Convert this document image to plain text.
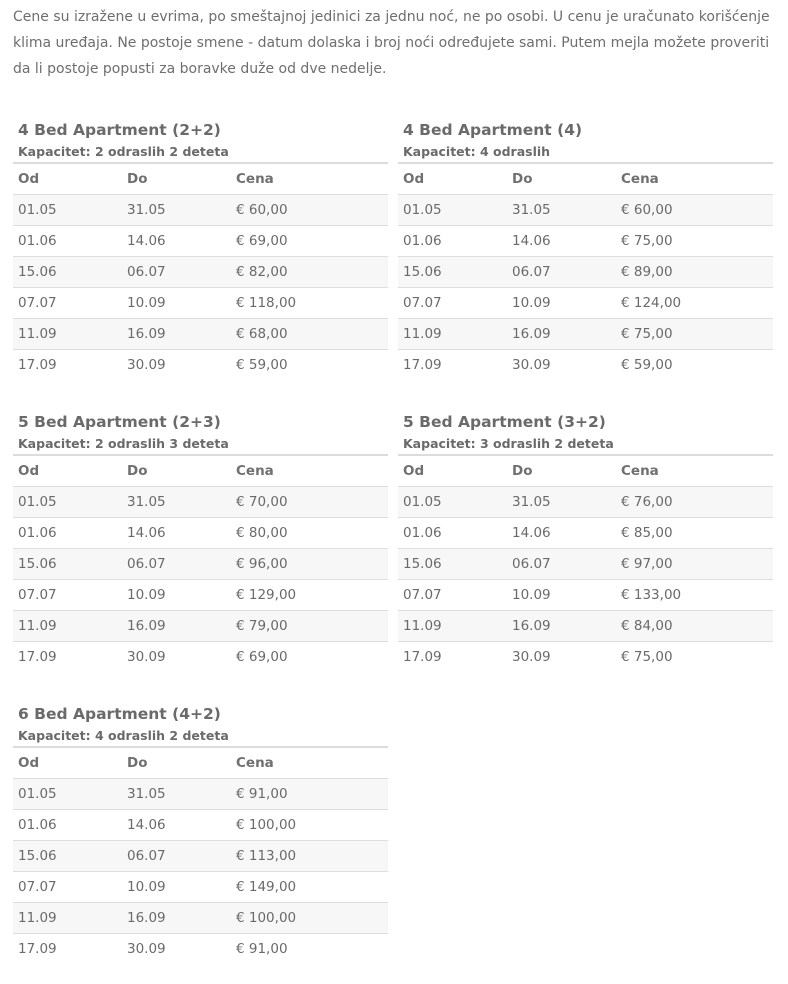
Cene su izražene u evrima, po smeštajnoj jedinici za jednu noć, ne po osobi. U cenu je uračunato korišćenje klima uređaja. Ne postoje smene - datum dolaska i broj noći određujete sami. Putem mejla možete proveriti da li postoje popusti za boravke duže od dve nedelje.

4 Bed Apartment (2+2)
Kapacitet: 2 odraslih 2 deteta
Od	Do	Cena
01.05	31.05	€ 60,00
01.06	14.06	€ 69,00
15.06	06.07	€ 82,00
07.07	10.09	€ 118,00
11.09	16.09	€ 68,00
17.09	30.09	€ 59,00
4 Bed Apartment (4)
Kapacitet: 4 odraslih
Od	Do	Cena
01.05	31.05	€ 60,00
01.06	14.06	€ 75,00
15.06	06.07	€ 89,00
07.07	10.09	€ 124,00
11.09	16.09	€ 75,00
17.09	30.09	€ 59,00
5 Bed Apartment (2+3)
Kapacitet: 2 odraslih 3 deteta
Od	Do	Cena
01.05	31.05	€ 70,00
01.06	14.06	€ 80,00
15.06	06.07	€ 96,00
07.07	10.09	€ 129,00
11.09	16.09	€ 79,00
17.09	30.09	€ 69,00
5 Bed Apartment (3+2)
Kapacitet: 3 odraslih 2 deteta
Od	Do	Cena
01.05	31.05	€ 76,00
01.06	14.06	€ 85,00
15.06	06.07	€ 97,00
07.07	10.09	€ 133,00
11.09	16.09	€ 84,00
17.09	30.09	€ 75,00
6 Bed Apartment (4+2)
Kapacitet: 4 odraslih 2 deteta
Od	Do	Cena
01.05	31.05	€ 91,00
01.06	14.06	€ 100,00
15.06	06.07	€ 113,00
07.07	10.09	€ 149,00
11.09	16.09	€ 100,00
17.09	30.09	€ 91,00
